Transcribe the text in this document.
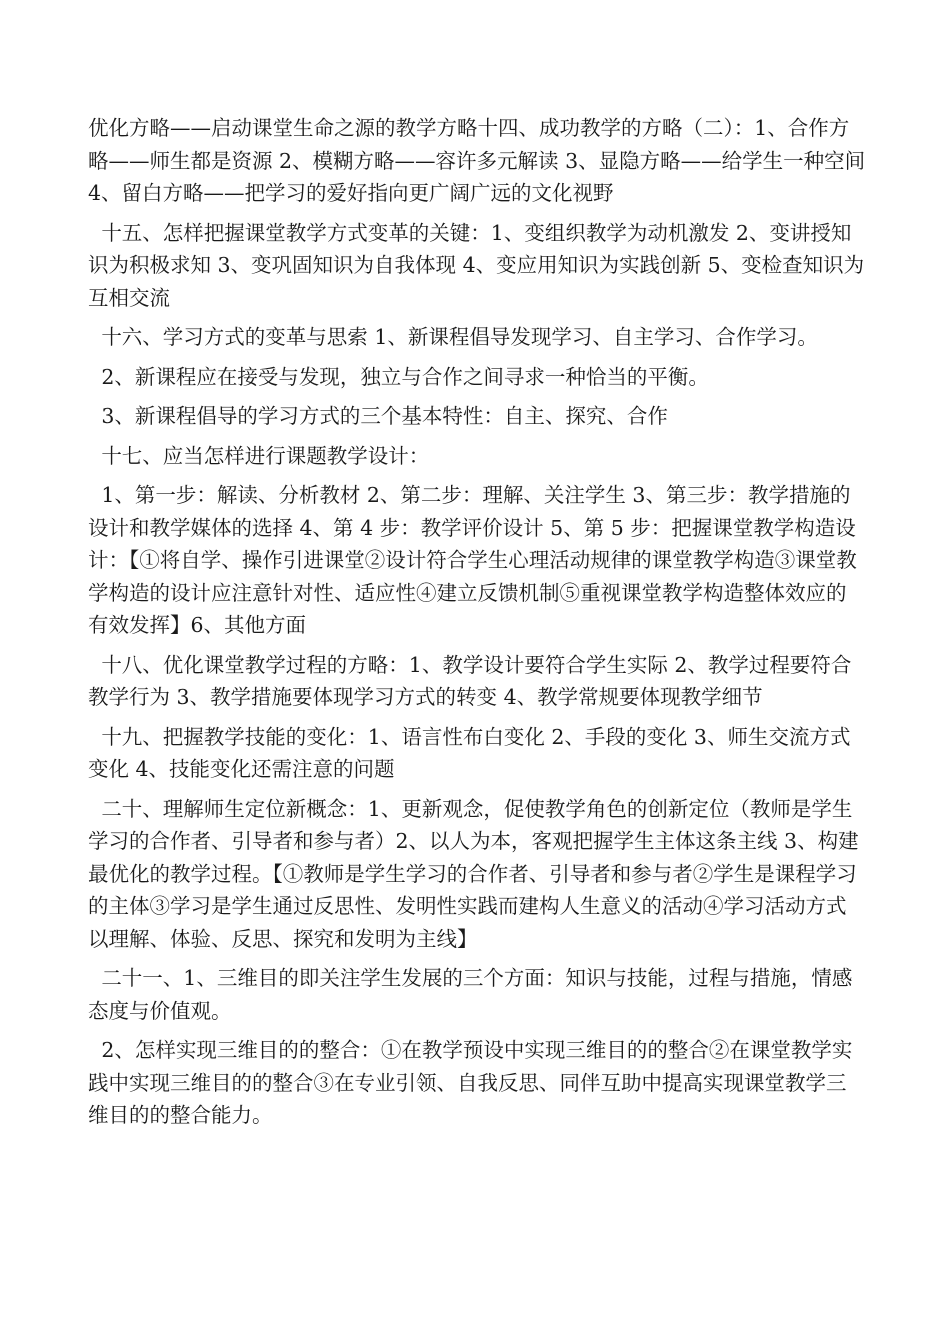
优化方略——启动课堂生命之源的教学方略十四、成功教学的方略（二）：1、合作方略——师生都是资源 2、模糊方略——容许多元解读 3、显隐方略——给学生一种空间 4、留白方略——把学习的爱好指向更广阔广远的文化视野

十五、怎样把握课堂教学方式变革的关键：1、变组织教学为动机激发 2、变讲授知识为积极求知 3、变巩固知识为自我体现 4、变应用知识为实践创新 5、变检查知识为互相交流

十六、学习方式的变革与思索 1、新课程倡导发现学习、自主学习、合作学习。

2、新课程应在接受与发现，独立与合作之间寻求一种恰当的平衡。

3、新课程倡导的学习方式的三个基本特性：自主、探究、合作

十七、应当怎样进行课题教学设计：

1、第一步：解读、分析教材 2、第二步：理解、关注学生 3、第三步：教学措施的设计和教学媒体的选择 4、第 4 步：教学评价设计 5、第 5 步：把握课堂教学构造设计：【①将自学、操作引进课堂②设计符合学生心理活动规律的课堂教学构造③课堂教学构造的设计应注意针对性、适应性④建立反馈机制⑤重视课堂教学构造整体效应的有效发挥】6、其他方面

十八、优化课堂教学过程的方略：1、教学设计要符合学生实际 2、教学过程要符合教学行为 3、教学措施要体现学习方式的转变 4、教学常规要体现教学细节

十九、把握教学技能的变化：1、语言性布白变化 2、手段的变化 3、师生交流方式变化 4、技能变化还需注意的问题

二十、理解师生定位新概念：1、更新观念，促使教学角色的创新定位（教师是学生学习的合作者、引导者和参与者）2、以人为本，客观把握学生主体这条主线 3、构建最优化的教学过程。【①教师是学生学习的合作者、引导者和参与者②学生是课程学习的主体③学习是学生通过反思性、发明性实践而建构人生意义的活动④学习活动方式以理解、体验、反思、探究和发明为主线】

二十一、1、三维目的即关注学生发展的三个方面：知识与技能，过程与措施，情感态度与价值观。

2、怎样实现三维目的的整合：①在教学预设中实现三维目的的整合②在课堂教学实践中实现三维目的的整合③在专业引领、自我反思、同伴互助中提高实现课堂教学三维目的的整合能力。
